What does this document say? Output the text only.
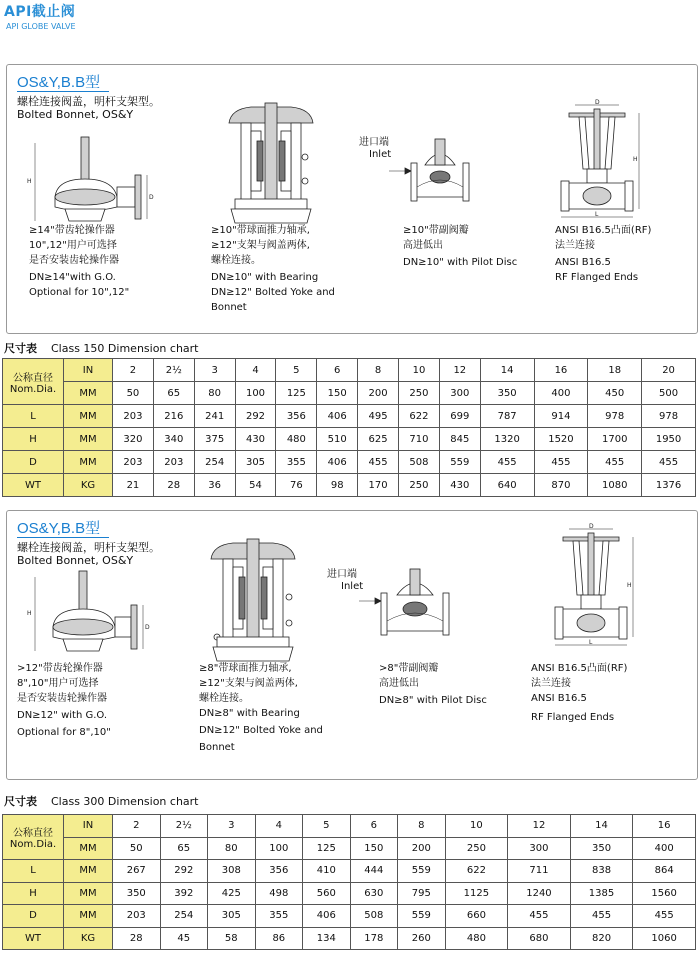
API截止阀
API GLOBE VALVE
OS&Y,B.B型
螺栓连接阀盖，明杆支架型。
Bolted Bonnet, OS&Y
H
D
进口端
Inlet
D
L
H
≥14"带齿轮操作器
10",12"用户可选择
是否安装齿轮操作器
DN≥14"with G.O.
Optional for 10",12"
≥10"带球面推力轴承,
≥12"支架与阀盖两体,
螺栓连接。
DN≥10" with Bearing
DN≥12" Bolted Yoke and
Bonnet
≥10"带副阀瓣
高进低出
DN≥10" with Pilot Disc
ANSI B16.5凸面(RF)
法兰连接
ANSI B16.5
RF Flanged Ends
尺寸表 Class 150 Dimension chart
公称直径
Nom.Dia.	IN	2	2½	3	4	5	6	8	10	12	14	16	18	20
	MM	50	65	80	100	125	150	200	250	300	350	400	450	500
L	MM	203	216	241	292	356	406	495	622	699	787	914	978	978
H	MM	320	340	375	430	480	510	625	710	845	1320	1520	1700	1950
D	MM	203	203	254	305	355	406	455	508	559	455	455	455	455
WT	KG	21	28	36	54	76	98	170	250	430	640	870	1080	1376
OS&Y,B.B型
螺栓连接阀盖，明杆支架型。
Bolted Bonnet, OS&Y
H
D
进口端
Inlet
D
L
H
>12"带齿轮操作器
8",10"用户可选择
是否安装齿轮操作器
DN≥12" with G.O.
Optional for 8",10"
≥8"带球面推力轴承,
≥12"支架与阀盖两体,
螺栓连接。
DN≥8" with Bearing
DN≥12" Bolted Yoke and
Bonnet
>8"带副阀瓣
高进低出
DN≥8" with Pilot Disc
ANSI B16.5凸面(RF)
法兰连接
ANSI B16.5
RF Flanged Ends
尺寸表 Class 300 Dimension chart
公称直径
Nom.Dia.	IN	2	2½	3	4	5	6	8	10	12	14	16
	MM	50	65	80	100	125	150	200	250	300	350	400
L	MM	267	292	308	356	410	444	559	622	711	838	864
H	MM	350	392	425	498	560	630	795	1125	1240	1385	1560
D	MM	203	254	305	355	406	508	559	660	455	455	455
WT	KG	28	45	58	86	134	178	260	480	680	820	1060
